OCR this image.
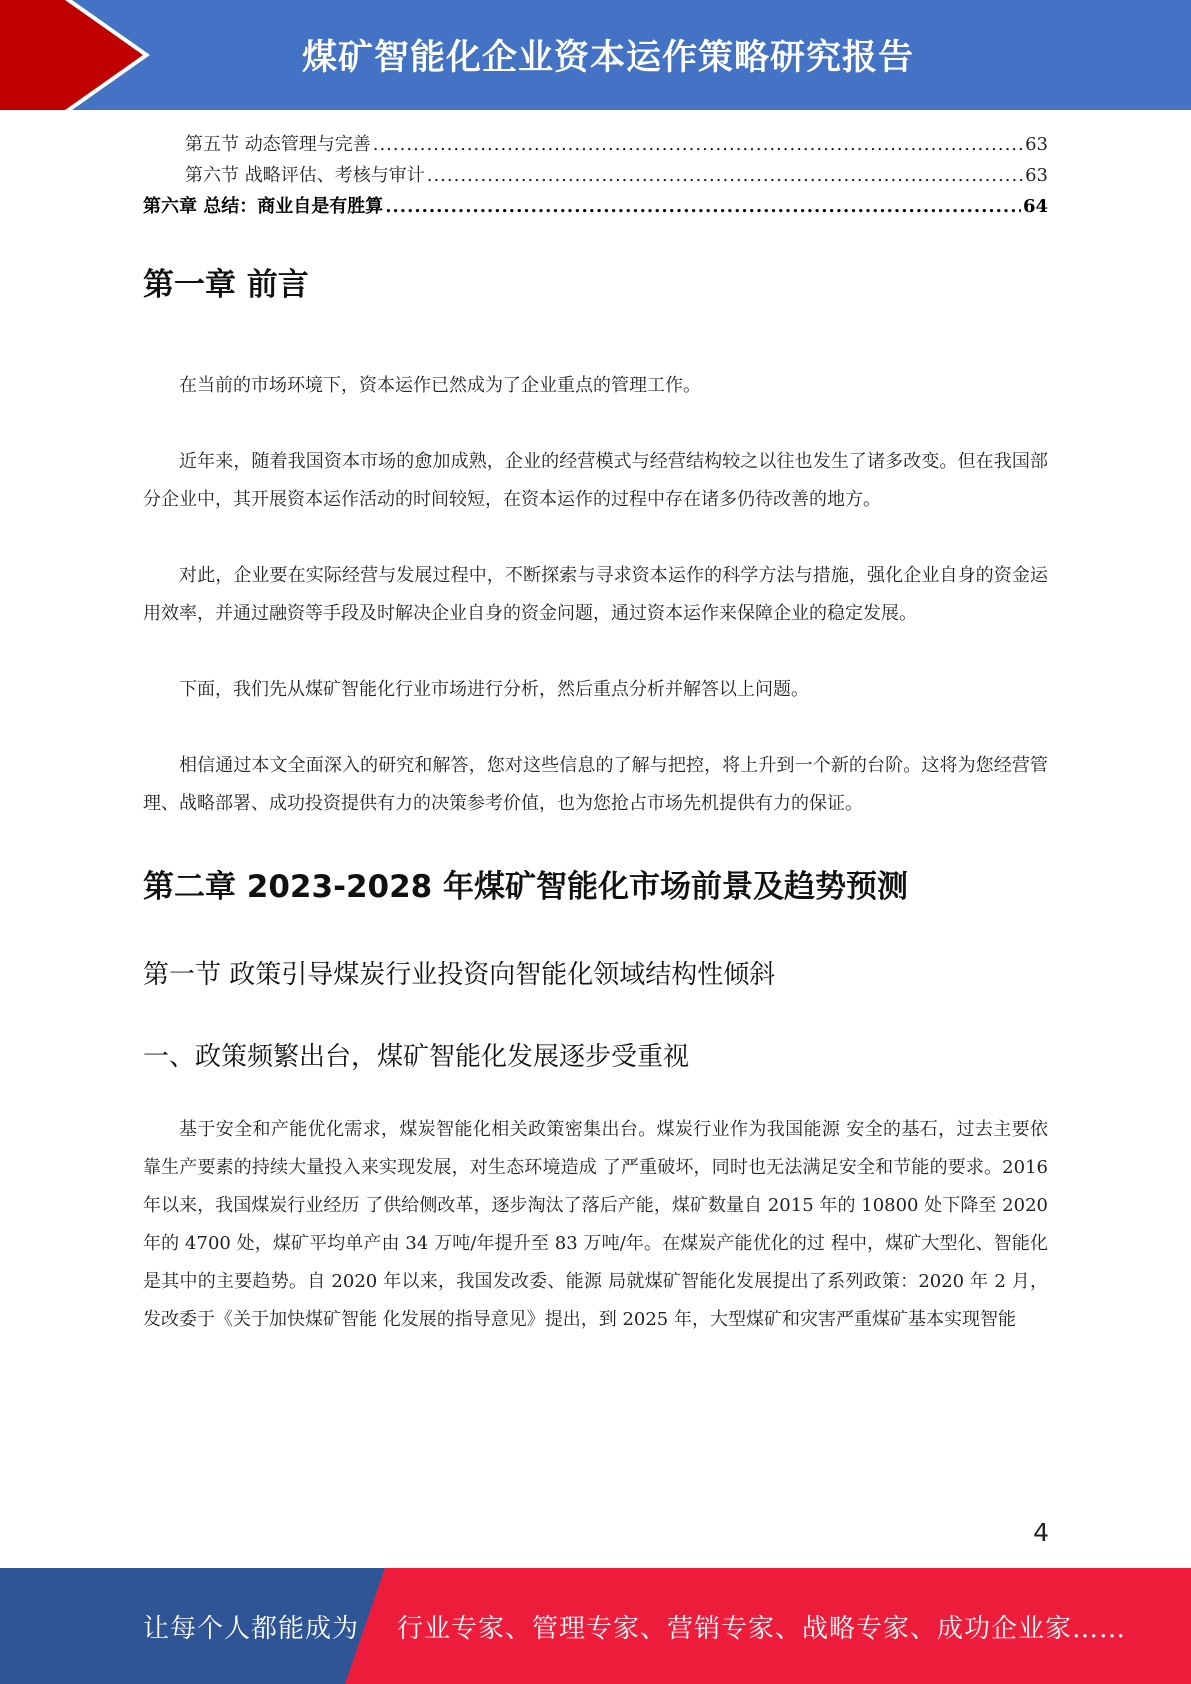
煤矿智能化企业资本运作策略研究报告
第五节 动态管理与完善 .....	63
第六节 战略评估、考核与审计 .....	63
第六章 总结：商业自是有胜算 .....	64
第一章 前言

在当前的市场环境下，资本运作已然成为了企业重点的管理工作。

近年来，随着我国资本市场的愈加成熟，企业的经营模式与经营结构较之以往也发生了诸多改变。但在我国部分企业中，其开展资本运作活动的时间较短，在资本运作的过程中存在诸多仍待改善的地方。

对此，企业要在实际经营与发展过程中，不断探索与寻求资本运作的科学方法与措施，强化企业自身的资金运用效率，并通过融资等手段及时解决企业自身的资金问题，通过资本运作来保障企业的稳定发展。

下面，我们先从煤矿智能化行业市场进行分析，然后重点分析并解答以上问题。

相信通过本文全面深入的研究和解答，您对这些信息的了解与把控，将上升到一个新的台阶。这将为您经营管理、战略部署、成功投资提供有力的决策参考价值，也为您抢占市场先机提供有力的保证。

第二章 2023-2028 年煤矿智能化市场前景及趋势预测
第一节 政策引导煤炭行业投资向智能化领域结构性倾斜
一、政策频繁出台，煤矿智能化发展逐步受重视

基于安全和产能优化需求，煤炭智能化相关政策密集出台。煤炭行业作为我国能源 安全的基石，过去主要依靠生产要素的持续大量投入来实现发展，对生态环境造成 了严重破坏，同时也无法满足安全和节能的要求。2016 年以来，我国煤炭行业经历 了供给侧改革，逐步淘汰了落后产能，煤矿数量自 2015 年的 10800 处下降至 2020 年的 4700 处，煤矿平均单产由 34 万吨/年提升至 83 万吨/年。在煤炭产能优化的过 程中，煤矿大型化、智能化是其中的主要趋势。自 2020 年以来，我国发改委、能源 局就煤矿智能化发展提出了系列政策：2020 年 2 月，发改委于《关于加快煤矿智能 化发展的指导意见》提出，到 2025 年，大型煤矿和灾害严重煤矿基本实现智能

4
让每个人都能成为 行业专家、管理专家、营销专家、战略专家、成功企业家……
